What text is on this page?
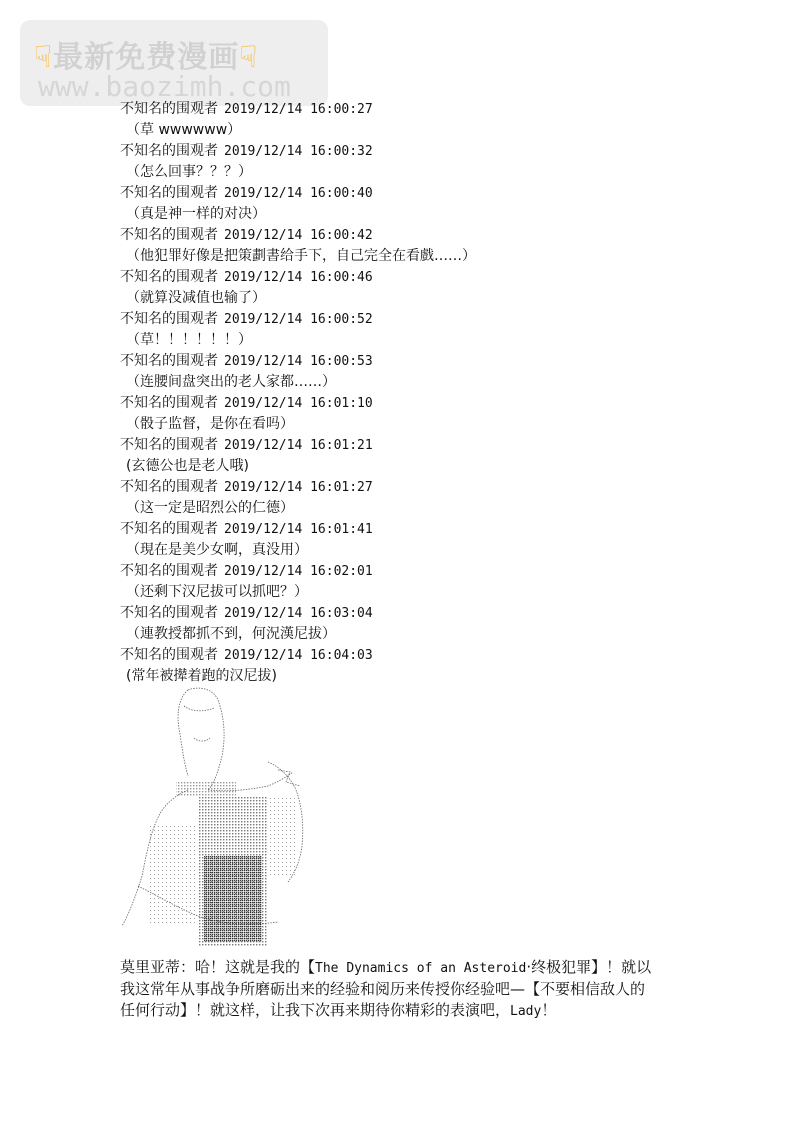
☟最新免费漫画☟
www.baozimh.com
不知名的围观者 2019/12/14 16:00:27
（草 wwwwww）
不知名的围观者 2019/12/14 16:00:32
（怎么回事？？？）
不知名的围观者 2019/12/14 16:00:40
（真是神一样的对决）
不知名的围观者 2019/12/14 16:00:42
（他犯罪好像是把策劃書给手下，自己完全在看戲……）
不知名的围观者 2019/12/14 16:00:46
（就算没减值也输了）
不知名的围观者 2019/12/14 16:00:52
（草！！！！！！）
不知名的围观者 2019/12/14 16:00:53
（连腰间盘突出的老人家都……）
不知名的围观者 2019/12/14 16:01:10
（骰子监督，是你在看吗）
不知名的围观者 2019/12/14 16:01:21
(玄德公也是老人哦)
不知名的围观者 2019/12/14 16:01:27
（这一定是昭烈公的仁德）
不知名的围观者 2019/12/14 16:01:41
（現在是美少女啊，真没用）
不知名的围观者 2019/12/14 16:02:01
（还剩下汉尼拔可以抓吧？）
不知名的围观者 2019/12/14 16:03:04
（連教授都抓不到，何況漢尼拔）
不知名的围观者 2019/12/14 16:04:03
(常年被撵着跑的汉尼拔)
莫里亚蒂：哈！这就是我的【The Dynamics of an Asteroid·终极犯罪】！就以
我这常年从事战争所磨砺出来的经验和阅历来传授你经验吧—【不要相信敌人的
任何行动】！就这样，让我下次再来期待你精彩的表演吧，Lady！
